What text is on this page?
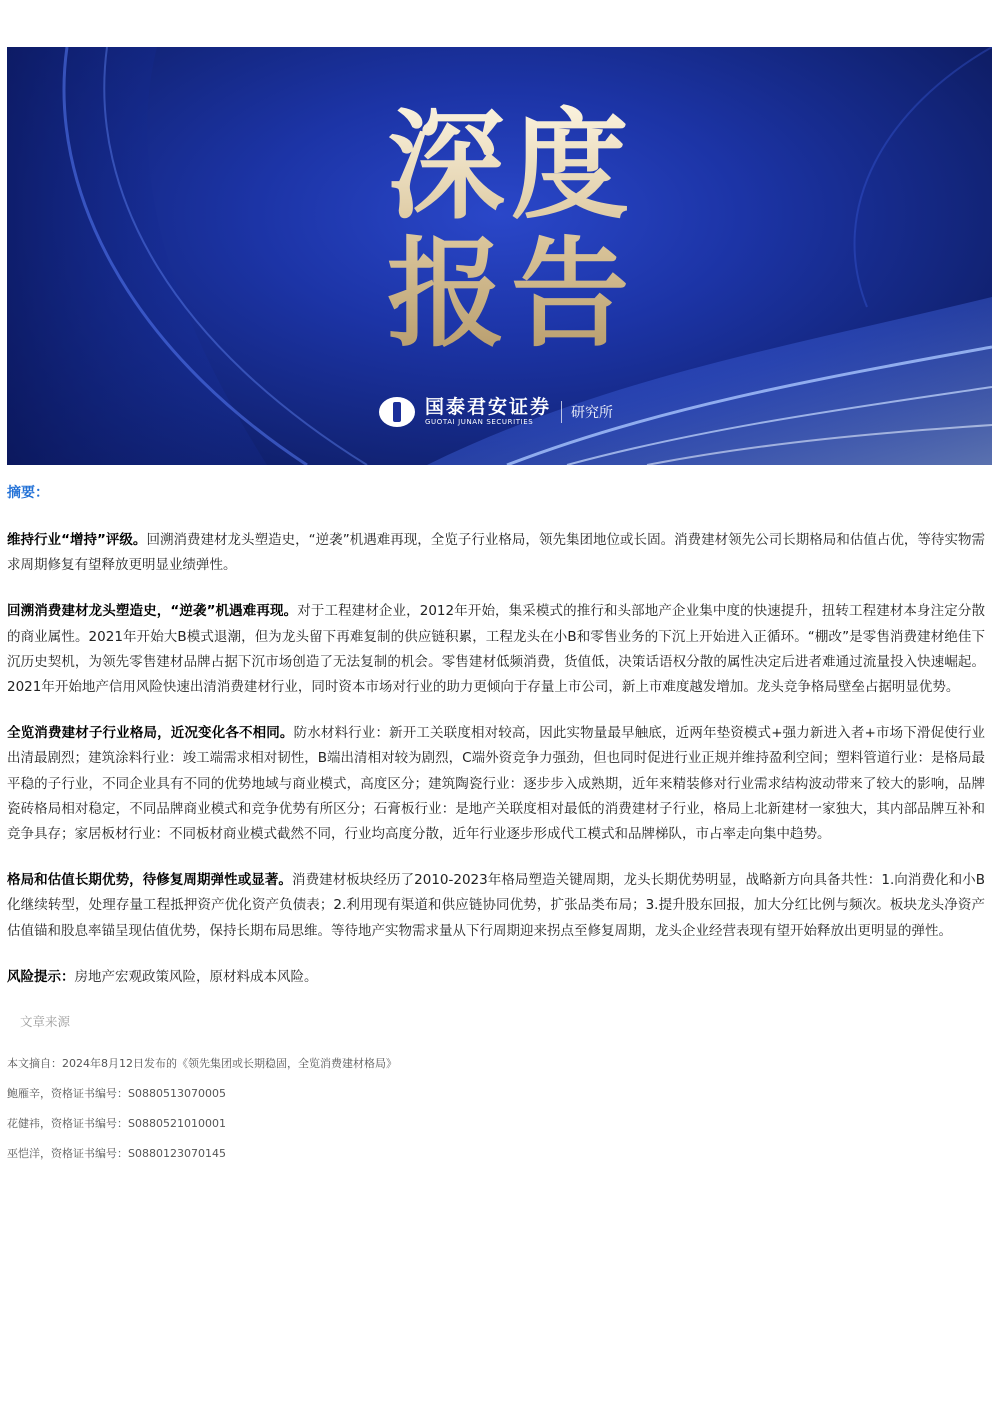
深度
报告
国泰君安证券
GUOTAI JUNAN SECURITIES
研究所

摘要：

维持行业“增持”评级。回溯消费建材龙头塑造史，“逆袭”机遇难再现，全览子行业格局，领先集团地位或长固。消费建材领先公司长期格局和估值占优，等待实物需求周期修复有望释放更明显业绩弹性。

回溯消费建材龙头塑造史，“逆袭”机遇难再现。对于工程建材企业，2012年开始，集采模式的推行和头部地产企业集中度的快速提升，扭转工程建材本身注定分散的商业属性。2021年开始大B模式退潮，但为龙头留下再难复制的供应链积累，工程龙头在小B和零售业务的下沉上开始进入正循环。“棚改”是零售消费建材绝佳下沉历史契机，为领先零售建材品牌占据下沉市场创造了无法复制的机会。零售建材低频消费，货值低，决策话语权分散的属性决定后进者难通过流量投入快速崛起。2021年开始地产信用风险快速出清消费建材行业，同时资本市场对行业的助力更倾向于存量上市公司，新上市难度越发增加。龙头竞争格局壁垒占据明显优势。

全览消费建材子行业格局，近况变化各不相同。防水材料行业：新开工关联度相对较高，因此实物量最早触底，近两年垫资模式+强力新进入者+市场下滑促使行业出清最剧烈；建筑涂料行业：竣工端需求相对韧性，B端出清相对较为剧烈，C端外资竞争力强劲，但也同时促进行业正规并维持盈利空间；塑料管道行业：是格局最平稳的子行业，不同企业具有不同的优势地域与商业模式，高度区分；建筑陶瓷行业：逐步步入成熟期，近年来精装修对行业需求结构波动带来了较大的影响，品牌瓷砖格局相对稳定，不同品牌商业模式和竞争优势有所区分；石膏板行业：是地产关联度相对最低的消费建材子行业，格局上北新建材一家独大，其内部品牌互补和竞争具存；家居板材行业：不同板材商业模式截然不同，行业均高度分散，近年行业逐步形成代工模式和品牌梯队，市占率走向集中趋势。

格局和估值长期优势，待修复周期弹性或显著。消费建材板块经历了2010-2023年格局塑造关键周期，龙头长期优势明显，战略新方向具备共性：1.向消费化和小B化继续转型，处理存量工程抵押资产优化资产负债表；2.利用现有渠道和供应链协同优势，扩张品类布局；3.提升股东回报，加大分红比例与频次。板块龙头净资产估值锚和股息率锚呈现估值优势，保持长期布局思维。等待地产实物需求量从下行周期迎来拐点至修复周期，龙头企业经营表现有望开始释放出更明显的弹性。

风险提示：房地产宏观政策风险，原材料成本风险。

文章来源

本文摘自：2024年8月12日发布的《领先集团或长期稳固，全览消费建材格局》

鲍雁辛，资格证书编号：S0880513070005

花健祎，资格证书编号：S0880521010001

巫恺洋，资格证书编号：S0880123070145
